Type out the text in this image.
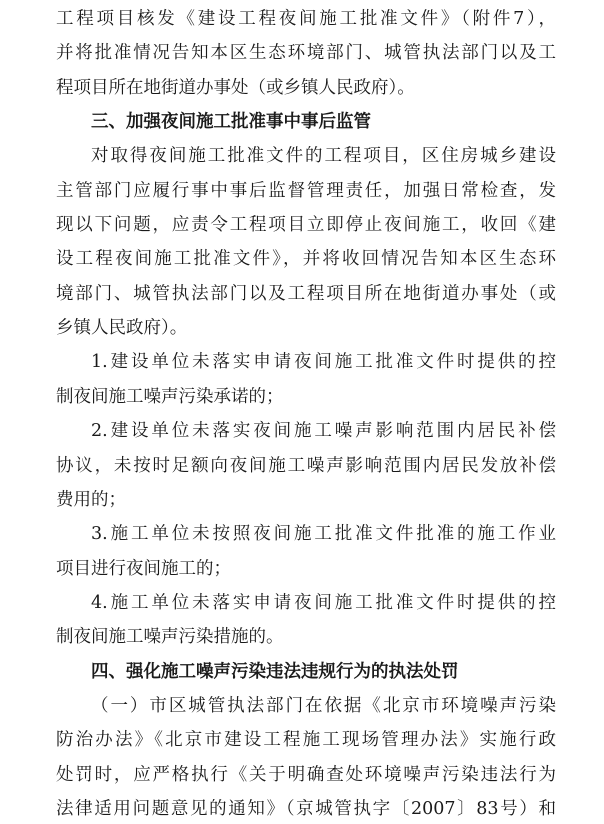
工程项目核发《建设工程夜间施工批准文件》（附件7），
并将批准情况告知本区生态环境部门、城管执法部门以及工
程项目所在地街道办事处（或乡镇人民政府）。
三、加强夜间施工批准事中事后监管
对取得夜间施工批准文件的工程项目，区住房城乡建设
主管部门应履行事中事后监督管理责任，加强日常检查，发
现以下问题，应责令工程项目立即停止夜间施工，收回《建
设工程夜间施工批准文件》，并将收回情况告知本区生态环
境部门、城管执法部门以及工程项目所在地街道办事处（或
乡镇人民政府）。
1.建设单位未落实申请夜间施工批准文件时提供的控
制夜间施工噪声污染承诺的；
2.建设单位未落实夜间施工噪声影响范围内居民补偿
协议，未按时足额向夜间施工噪声影响范围内居民发放补偿
费用的；
3.施工单位未按照夜间施工批准文件批准的施工作业
项目进行夜间施工的；
4.施工单位未落实申请夜间施工批准文件时提供的控
制夜间施工噪声污染措施的。
四、强化施工噪声污染违法违规行为的执法处罚
（一）市区城管执法部门在依据《北京市环境噪声污染
防治办法》《北京市建设工程施工现场管理办法》实施行政
处罚时，应严格执行《关于明确查处环境噪声污染违法行为
法律适用问题意见的通知》（京城管执字〔2007〕83号）和
